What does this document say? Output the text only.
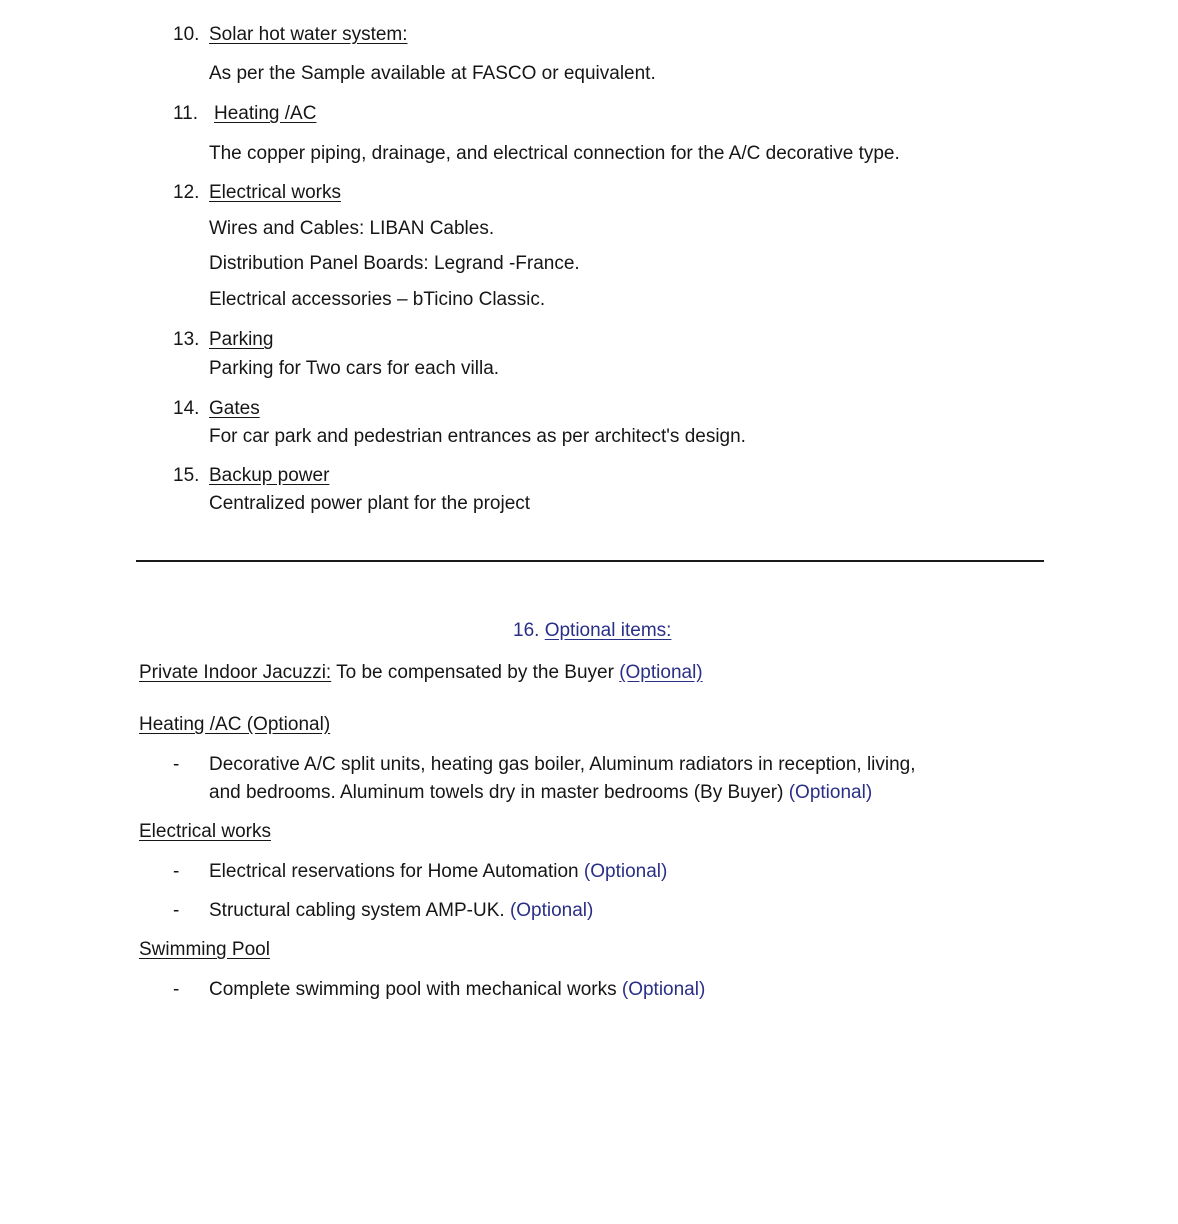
10. Solar hot water system:
As per the Sample available at FASCO or equivalent.
11. Heating /AC
The copper piping, drainage, and electrical connection for the A/C decorative type.
12. Electrical works
Wires and Cables: LIBAN Cables.
Distribution Panel Boards: Legrand -France.
Electrical accessories – bTicino Classic.
13. Parking
Parking for Two cars for each villa.
14. Gates
For car park and pedestrian entrances as per architect's design.
15. Backup power
Centralized power plant for the project
16. Optional items:
Private Indoor Jacuzzi: To be compensated by the Buyer (Optional)
Heating /AC (Optional)
- Decorative A/C split units, heating gas boiler, Aluminum radiators in reception, living,
and bedrooms. Aluminum towels dry in master bedrooms (By Buyer) (Optional)
Electrical works
- Electrical reservations for Home Automation (Optional)
- Structural cabling system AMP-UK. (Optional)
Swimming Pool
- Complete swimming pool with mechanical works (Optional)
